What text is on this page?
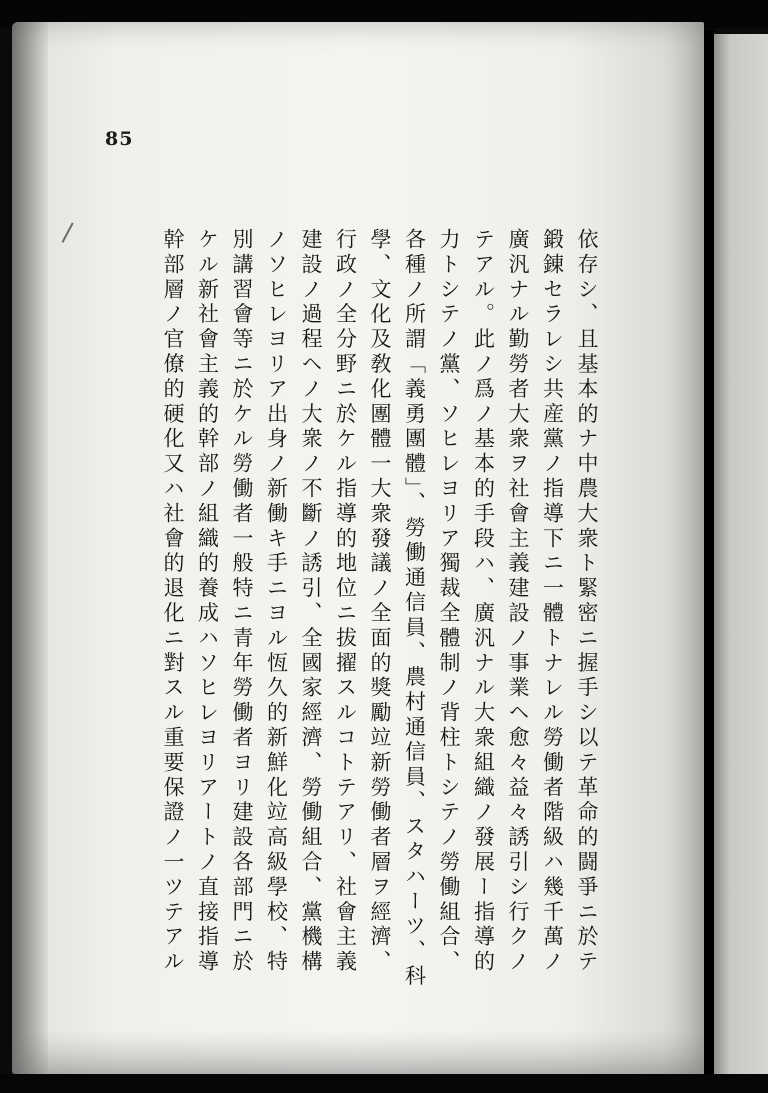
85
依存シ、且基本的ナ中農大衆ト緊密ニ握手シ以テ革命的闘爭ニ於テ
鍛錬セラレシ共産黨ノ指導下ニ一體トナレル勞働者階級ハ幾千萬ノ
廣汎ナル勤勞者大衆ヲ社會主義建設ノ事業ヘ愈々益々誘引シ行クノ
テアル。此ノ爲ノ基本的手段ハ、廣汎ナル大衆組織ノ發展ー指導的
力トシテノ黨、ソヒレヨリア獨裁全體制ノ背柱トシテノ勞働組合、
各種ノ所謂「義勇團體」、勞働通信員、農村通信員、スタハーツ、科
學、文化及敎化團體一大衆發議ノ全面的獎勵竝新勞働者層ヲ經濟、
行政ノ全分野ニ於ケル指導的地位ニ拔擢スルコトテアリ、社會主義
建設ノ過程ヘノ大衆ノ不斷ノ誘引、全國家經濟、勞働組合、黨機構
ノソヒレヨリア出身ノ新働キ手ニヨル恆久的新鮮化竝高級學校、特
別講習會等ニ於ケル勞働者一般特ニ青年勞働者ヨリ建設各部門ニ於
ケル新社會主義的幹部ノ組織的養成ハソヒレヨリアートノ直接指導
幹部層ノ官僚的硬化又ハ社會的退化ニ對スル重要保證ノ一ツテアル
